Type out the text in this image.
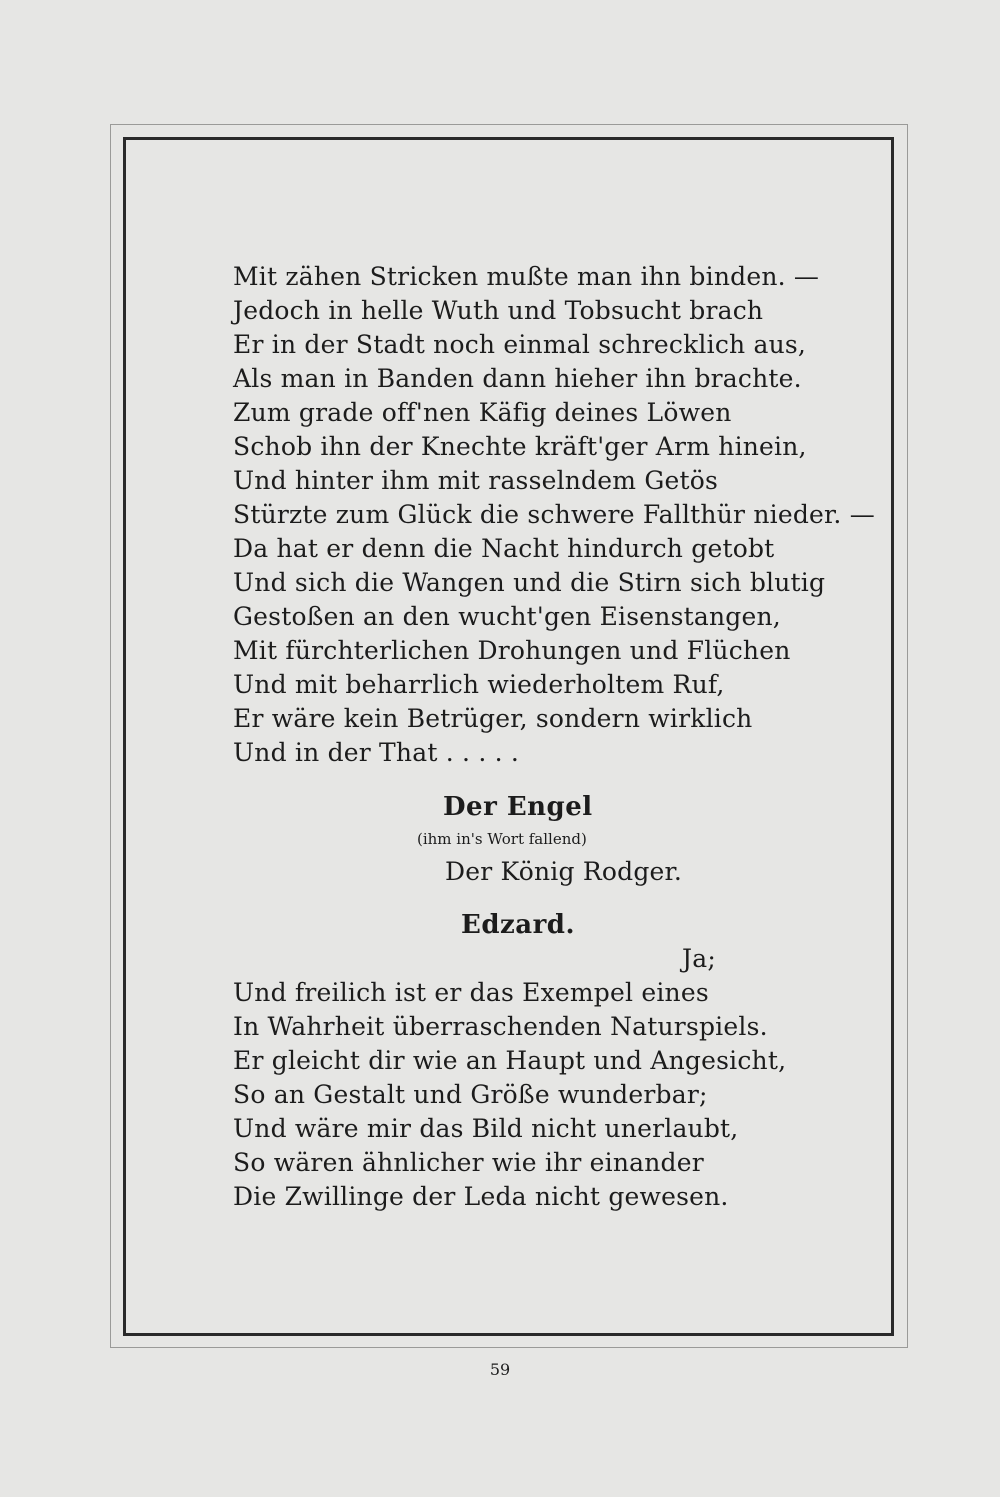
Mit zähen Stricken mußte man ihn binden. —
Jedoch in helle Wuth und Tobsucht brach
Er in der Stadt noch einmal schrecklich aus,
Als man in Banden dann hieher ihn brachte.
Zum grade off'nen Käfig deines Löwen
Schob ihn der Knechte kräft'ger Arm hinein,
Und hinter ihm mit rasselndem Getös
Stürzte zum Glück die schwere Fallthür nieder. —
Da hat er denn die Nacht hindurch getobt
Und sich die Wangen und die Stirn sich blutig
Gestoßen an den wucht'gen Eisenstangen,
Mit fürchterlichen Drohungen und Flüchen
Und mit beharrlich wiederholtem Ruf,
Er wäre kein Betrüger, sondern wirklich
Und in der That . . . . .
Der Engel
(ihm in's Wort fallend)
Der König Rodger.
Edzard.
Ja;
Und freilich ist er das Exempel eines
In Wahrheit überraschenden Naturspiels.
Er gleicht dir wie an Haupt und Angesicht,
So an Gestalt und Größe wunderbar;
Und wäre mir das Bild nicht unerlaubt,
So wären ähnlicher wie ihr einander
Die Zwillinge der Leda nicht gewesen.
59
